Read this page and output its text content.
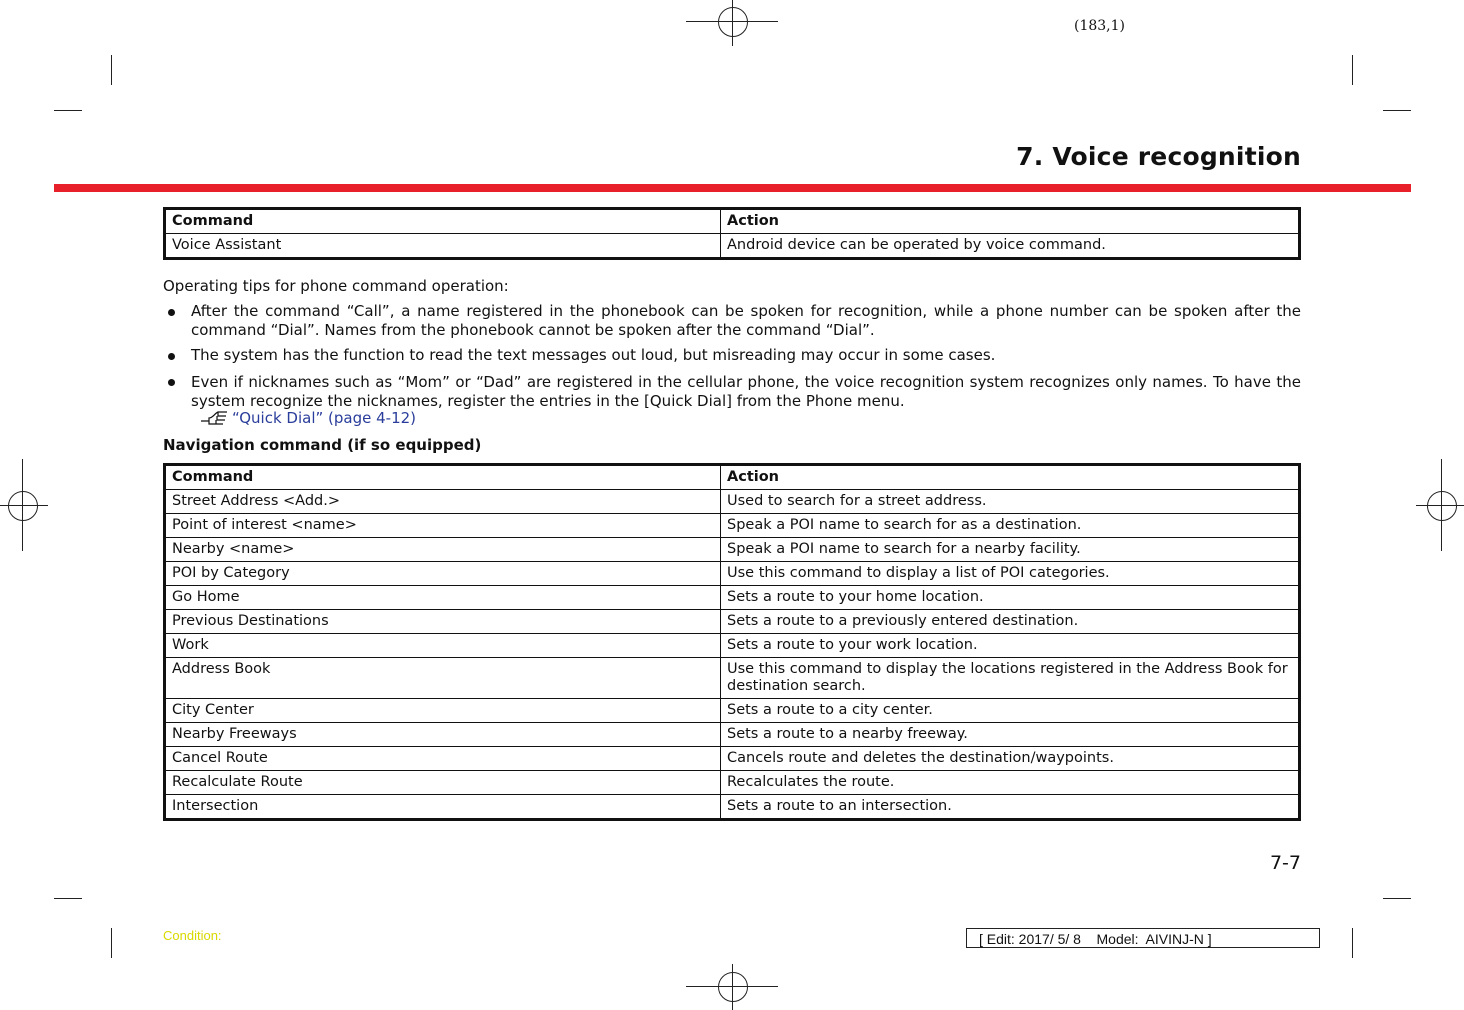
(183,1)
7. Voice recognition
Command	Action
Voice Assistant	Android device can be operated by voice command.
Operating tips for phone command operation:
After the command “Call”, a name registered in the phonebook can be spoken for recognition, while a phone number can be spoken after the command “Dial”. Names from the phonebook cannot be spoken after the command “Dial”.
The system has the function to read the text messages out loud, but misreading may occur in some cases.
Even if nicknames such as “Mom” or “Dad” are registered in the cellular phone, the voice recognition system recognizes only names. To have the system recognize the nicknames, register the entries in the [Quick Dial] from the Phone menu.
“Quick Dial” (page 4-12)
Navigation command (if so equipped)
Command	Action
Street Address <Add.>	Used to search for a street address.
Point of interest <name>	Speak a POI name to search for as a destination.
Nearby <name>	Speak a POI name to search for a nearby facility.
POI by Category	Use this command to display a list of POI categories.
Go Home	Sets a route to your home location.
Previous Destinations	Sets a route to a previously entered destination.
Work	Sets a route to your work location.
Address Book	Use this command to display the locations registered in the Address Book for destination search.
City Center	Sets a route to a city center.
Nearby Freeways	Sets a route to a nearby freeway.
Cancel Route	Cancels route and deletes the destination/waypoints.
Recalculate Route	Recalculates the route.
Intersection	Sets a route to an intersection.
7-7
Condition:	[ Edit: 2017/ 5/ 8    Model:  AIVINJ-N ]
